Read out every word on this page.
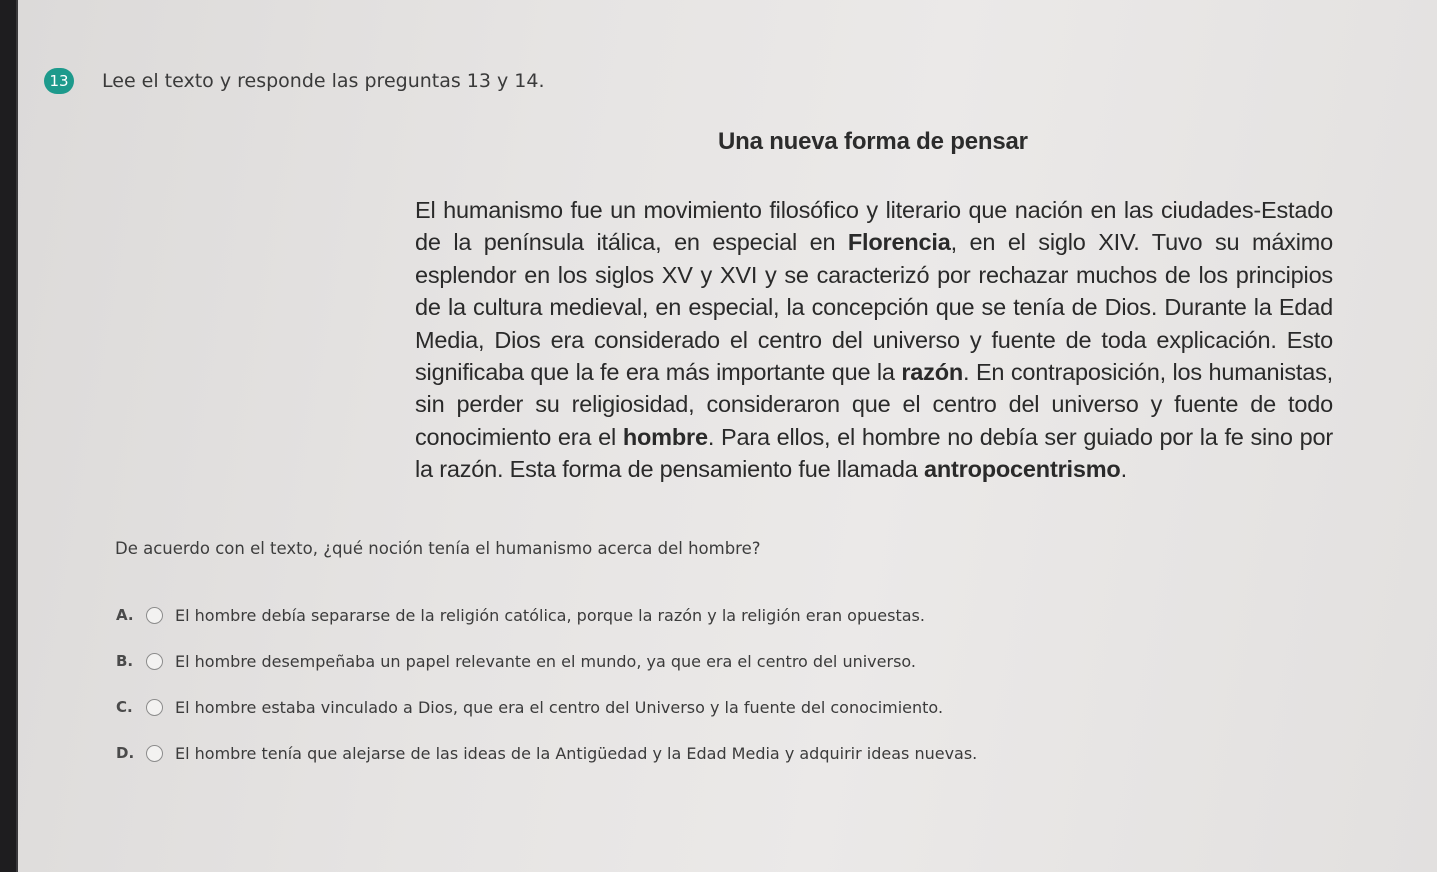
13 Lee el texto y responde las preguntas 13 y 14.
Una nueva forma de pensar
El humanismo fue un movimiento filosófico y literario que nación en las ciudades-Estado de la península itálica, en especial en Florencia, en el siglo XIV. Tuvo su máximo esplendor en los siglos XV y XVI y se caracterizó por rechazar muchos de los principios de la cultura medieval, en especial, la concepción que se tenía de Dios. Durante la Edad Media, Dios era considerado el centro del universo y fuente de toda explicación. Esto significaba que la fe era más importante que la razón. En contraposición, los humanistas, sin perder su religiosidad, consideraron que el centro del universo y fuente de todo conocimiento era el hombre. Para ellos, el hombre no debía ser guiado por la fe sino por la razón. Esta forma de pensamiento fue llamada antropocentrismo.
De acuerdo con el texto, ¿qué noción tenía el humanismo acerca del hombre?
A.	El hombre debía separarse de la religión católica, porque la razón y la religión eran opuestas.
B.	El hombre desempeñaba un papel relevante en el mundo, ya que era el centro del universo.
C.	El hombre estaba vinculado a Dios, que era el centro del Universo y la fuente del conocimiento.
D.	El hombre tenía que alejarse de las ideas de la Antigüedad y la Edad Media y adquirir ideas nuevas.
